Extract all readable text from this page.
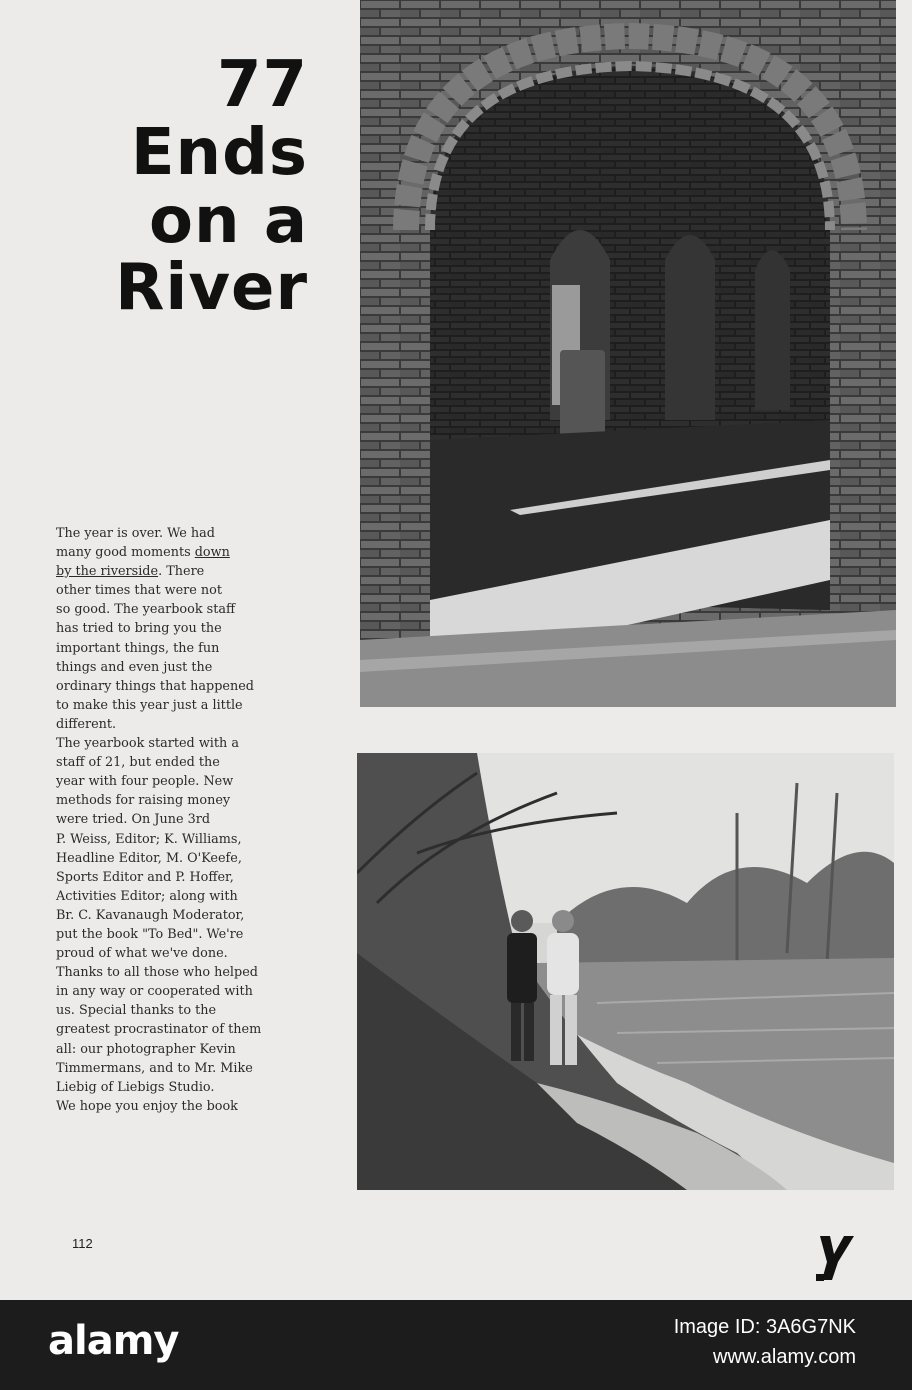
77
Ends
on a
River
The year is over. We had
many good moments down
by the riverside. There
other times that were not
so good. The yearbook staff
has tried to bring you the
important things, the fun
things and even just the
ordinary things that happened
to make this year just a little
different.
The yearbook started with a
staff of 21, but ended the
year with four people. New
methods for raising money
were tried. On June 3rd
P. Weiss, Editor; K. Williams,
Headline Editor, M. O'Keefe,
Sports Editor and P. Hoffer,
Activities Editor; along with
Br. C. Kavanaugh Moderator,
put the book "To Bed". We're
proud of what we've done.
Thanks to all those who helped
in any way or cooperated with
us. Special thanks to the
greatest procrastinator of them
all: our photographer Kevin
Timmermans, and to Mr. Mike
Liebig of Liebigs Studio.
We hope you enjoy the book
112
alamy	Image ID: 3A6G7NK
www.alamy.com
